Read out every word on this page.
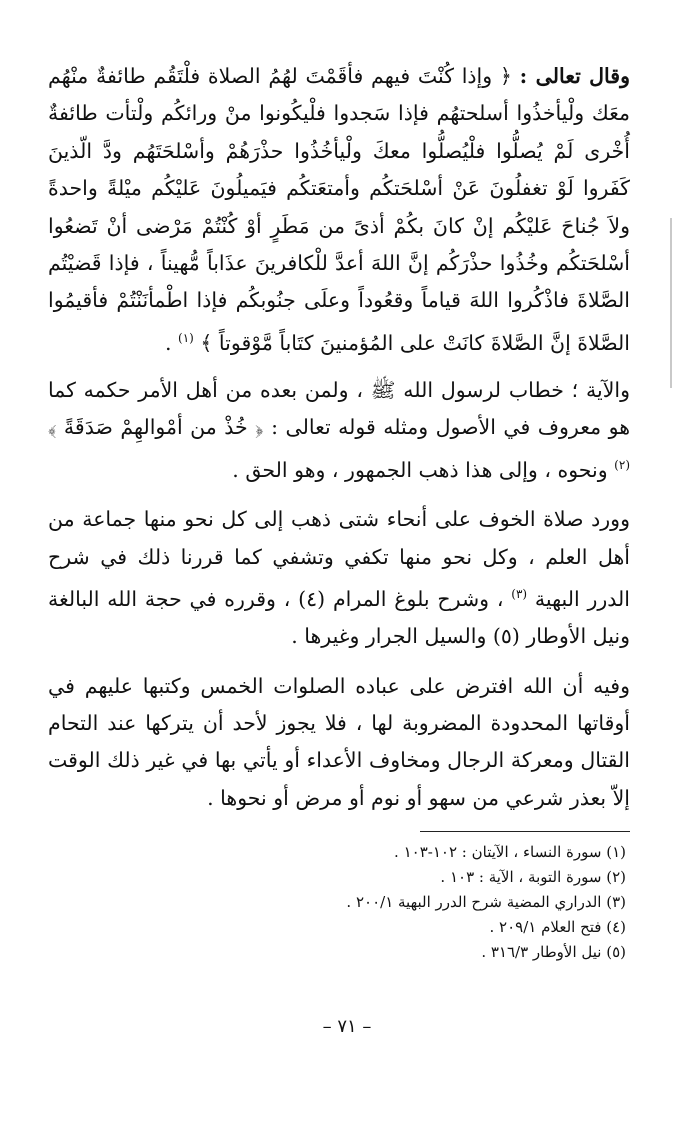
وقال تعالى : ﴿ وإذا كُنْتَ فيهم فأقَمْتَ لهُمُ الصلاة فلْتَقُم طائفةٌ منْهُم معَك ولْيأخذُوا أسلحتهُم فإذا سَجدوا فلْيكُونوا منْ ورائكُم ولْتأت طائفةٌ أُخْرى لَمْ يُصلُّوا فلْيُصلُّوا معكَ ولْيأخُذُوا حذْرَهُمْ وأسْلحَتَهُم ودَّ الّذينَ كَفَروا لَوْ تغفلُونَ عَنْ أسْلحَتكُم وأمتعَتكُم فيَميلُونَ عَليْكُم ميْلةً واحدةً ولاَ جُناحَ عَليْكُم إنْ كانَ بكُمْ أذىً من مَطَرٍ أوْ كُنْتُمْ مَرْضى أنْ تَضعُوا أسْلحَتكُم وخُذُوا حذْرَكُم إنَّ اللهَ أعدَّ للْكافرينَ عذَاباً مُّهيناً ، فإذا قَضيْتُم الصَّلاةَ فاذْكُروا اللهَ قياماً وقعُوداً وعلَى جنُوبكُم فإذا اطْمأنَنْتُمْ فأقيمُوا الصَّلاةَ إنَّ الصَّلاةَ كانَتْ على المُؤمنينَ كتَاباً مَّوْقوتاً ﴾ $^{(١)}$ .

والآية ؛ خطاب لرسول الله ﷺ ، ولمن بعده من أهل الأمر حكمه كما هو معروف في الأصول ومثله قوله تعالى : ﴿ خُذْ من أمْوالهِمْ صَدَقَةً ﴾ $^{(٢)}$ ونحوه ، وإلى هذا ذهب الجمهور ، وهو الحق .

وورد صلاة الخوف على أنحاء شتى ذهب إلى كل نحو منها جماعة من أهل العلم ، وكل نحو منها تكفي وتشفي كما قررنا ذلك في شرح الدرر البهية $^{(٣)}$ ، وشرح بلوغ المرام (٤) ، وقرره في حجة الله البالغة ونيل الأوطار (٥) والسيل الجرار وغيرها .

وفيه أن الله افترض على عباده الصلوات الخمس وكتبها عليهم في أوقاتها المحدودة المضروبة لها ، فلا يجوز لأحد أن يتركها عند التحام القتال ومعركة الرجال ومخاوف الأعداء أو يأتي بها في غير ذلك الوقت إلاّ بعذر شرعي من سهو أو نوم أو مرض أو نحوها .

(١) سورة النساء ، الآيتان : ١٠٢-١٠٣ .
(٢) سورة التوبة ، الآية : ١٠٣ .
(٣) الدراري المضية شرح الدرر البهية ٢٠٠/١ .
(٤) فتح العلام ٢٠٩/١ .
(٥) نيل الأوطار ٣١٦/٣ .
– ٧١ –
